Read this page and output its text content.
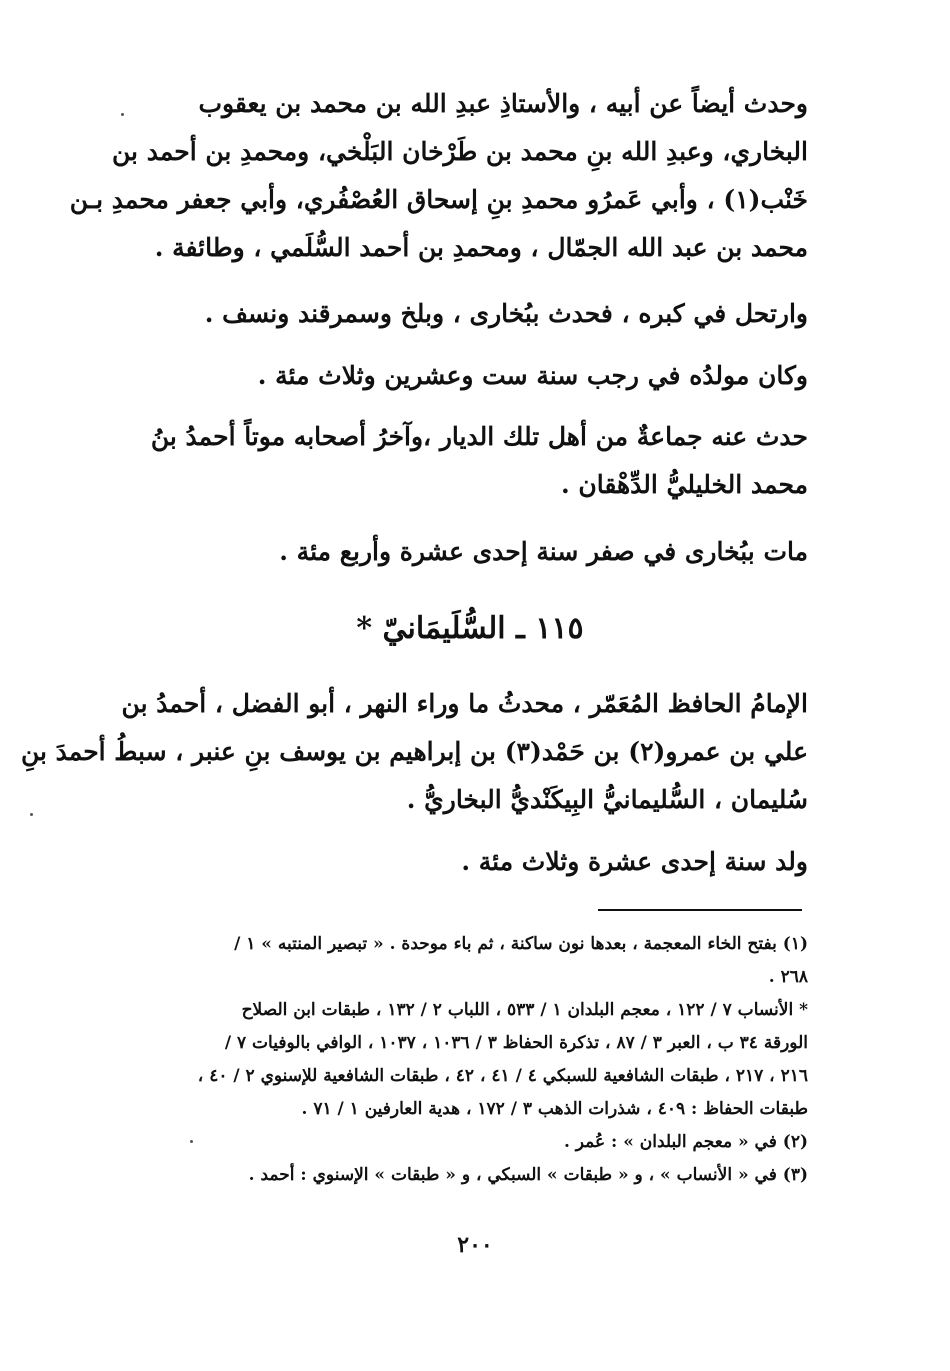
وحدث أيضاً عن أبيه ، والأستاذِ عبدِ الله بن محمد بن يعقوب
البخاري، وعبدِ الله بنِ محمد بن طَرْخان البَلْخي، ومحمدِ بن أحمد بن
خَنْب(١) ، وأبي عَمرُو محمدِ بنِ إسحاق العُصْفُري، وأبي جعفر محمدِ بـن
محمد بن عبد الله الجمّال ، ومحمدِ بن أحمد السُّلَمي ، وطائفة .
وارتحل في كبره ، فحدث ببُخارى ، وبلخ وسمرقند ونسف .
وكان مولدُه في رجب سنة ست وعشرين وثلاث مئة .
حدث عنه جماعةٌ من أهل تلك الديار ،وآخرُ أصحابه موتاً أحمدُ بنُ
محمد الخليليُّ الدِّهْقان .
مات ببُخارى في صفر سنة إحدى عشرة وأربع مئة .
١١٥ ـ السُّلَيمَانيّ *
الإمامُ الحافظ المُعَمّر ، محدثُ ما وراء النهر ، أبو الفضل ، أحمدُ بن
علي بن عمرو(٢) بن حَمْد(٣) بن إبراهيم بن يوسف بنِ عنبر ، سبطُ أحمدَ بنِ
سُليمان ، السُّليمانيُّ البِيكَنْديُّ البخاريُّ .
ولد سنة إحدى عشرة وثلاث مئة .
(١) بفتح الخاء المعجمة ، بعدها نون ساكنة ، ثم باء موحدة . « تبصير المنتبه » ١ /
٢٦٨ .
* الأنساب ٧ / ١٢٢ ، معجم البلدان ١ / ٥٣٣ ، اللباب ٢ / ١٣٢ ، طبقات ابن الصلاح
الورقة ٣٤ ب ، العبر ٣ / ٨٧ ، تذكرة الحفاظ ٣ / ١٠٣٦ ، ١٠٣٧ ، الوافي بالوفيات ٧ /
٢١٦ ، ٢١٧ ، طبقات الشافعية للسبكي ٤ / ٤١ ، ٤٢ ، طبقات الشافعية للإسنوي ٢ / ٤٠ ،
طبقات الحفاظ : ٤٠٩ ، شذرات الذهب ٣ / ١٧٢ ، هدية العارفين ١ / ٧١ .
(٢) في « معجم البلدان » : عُمر .
(٣) في « الأنساب » ، و « طبقات » السبكي ، و « طبقات » الإسنوي : أحمد .
٢٠٠
